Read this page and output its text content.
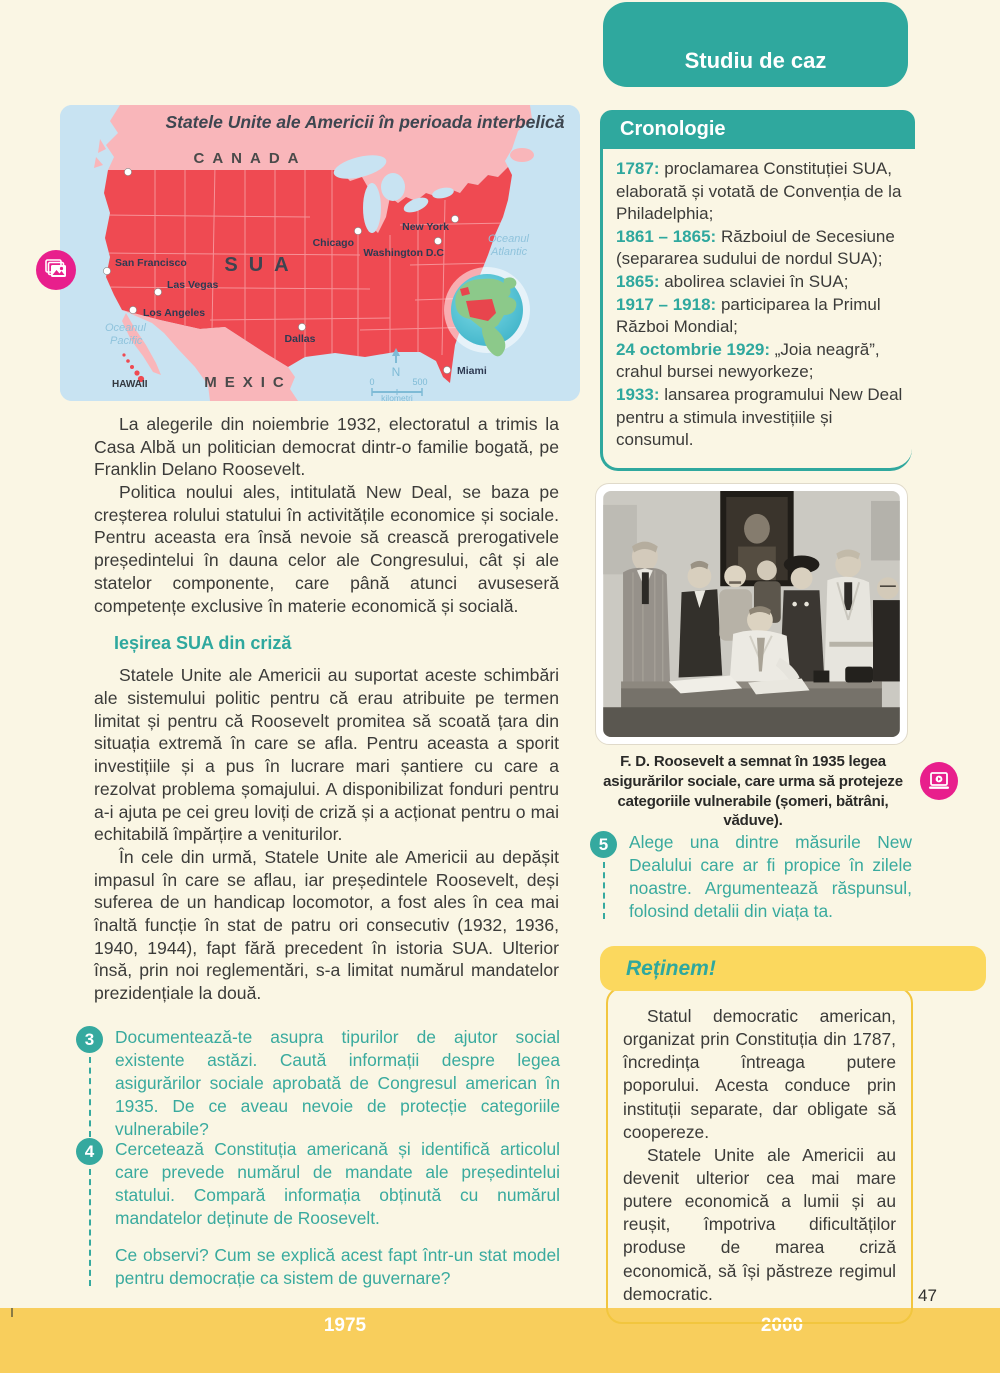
N
0	500
kilometri
Oceanul
Pacific
Oceanul
Atlantic
CANADA
SUA
MEXIC
HAWAII
Statele Unite ale Americii în perioada interbelică
San Francisco
Las Vegas
Los Angeles
Dallas
Miami
Chicago
New York
Washington D.C
Studiu de caz
Cronologie
1787: proclamarea Constituției SUA, elaborată și votată de Convenția de la Philadelphia;
1861 – 1865: Războiul de Secesiune (separarea sudului de nordul SUA);
1865: abolirea sclaviei în SUA;
1917 – 1918: participarea la Primul Război Mondial;
24 octombrie 1929: „Joia neagră”, crahul bursei newyorkeze;
1933: lansarea programului New Deal pentru a stimula investițiile și consumul.

La alegerile din noiembrie 1932, electoratul a trimis la Casa Albă un politician democrat dintr-o familie bogată, pe Franklin Delano Roosevelt.

Politica noului ales, intitulată New Deal, se baza pe creșterea rolului statului în activitățile economice și sociale. Pentru aceasta era însă nevoie să crească prerogativele președintelui în dauna celor ale Congresului, cât și ale statelor componente, care până atunci avuseseră competențe exclusive în materie economică și socială.

Ieșirea SUA din criză

Statele Unite ale Americii au suportat aceste schimbări ale sistemului politic pentru că erau atribuite pe termen limitat și pentru că Roosevelt promitea să scoată țara din situația extremă în care se afla. Pentru aceasta a sporit investițiile și a pus în lucrare mari șantiere cu care a rezolvat problema șomajului. A disponibilizat fonduri pentru a-i ajuta pe cei greu loviți de criză și a acționat pentru o mai echitabilă împărțire a veniturilor.

În cele din urmă, Statele Unite ale Americii au depășit impasul în care se aflau, iar președintele Roosevelt, deși suferea de un handicap locomotor, a fost ales în cea mai înaltă funcție în stat de patru ori consecutiv (1932, 1936, 1940, 1944), fapt fără precedent în istoria SUA. Ulterior însă, prin noi reglementări, s-a limitat numărul mandatelor prezidențiale la două.

3	Documentează-te asupra tipurilor de ajutor social existente astăzi. Caută informații despre legea asigurărilor sociale aprobată de Congresul american în 1935. De ce aveau nevoie de protecție categoriile vulnerabile?

4	Cercetează Constituția americană și identifică articolul care prevede numărul de mandate ale președintelui statului. Compară informația obținută cu numărul mandatelor deținute de Roosevelt.

Ce observi? Cum se explică acest fapt într-un stat model pentru democrație ca sistem de guvernare?

F. D. Roosevelt a semnat în 1935 legea asigurărilor sociale, care urma să protejeze categoriile vulnerabile (șomeri, bătrâni, văduve).
5	Alege una dintre măsurile New Dealului care ar fi propice în zilele noastre. Argumentează răspunsul, folosind detalii din viața ta.

Reținem!

Statul democratic american, organizat prin Constituția din 1787, încredința întreaga putere poporului. Acesta conduce prin instituții separate, dar obligate să coopereze.

Statele Unite ale Americii au devenit ulterior cea mai mare putere economică a lumii și au reușit, împotriva dificultăților produse de marea criză economică, să își păstreze regimul democratic.	47
1975	2000
